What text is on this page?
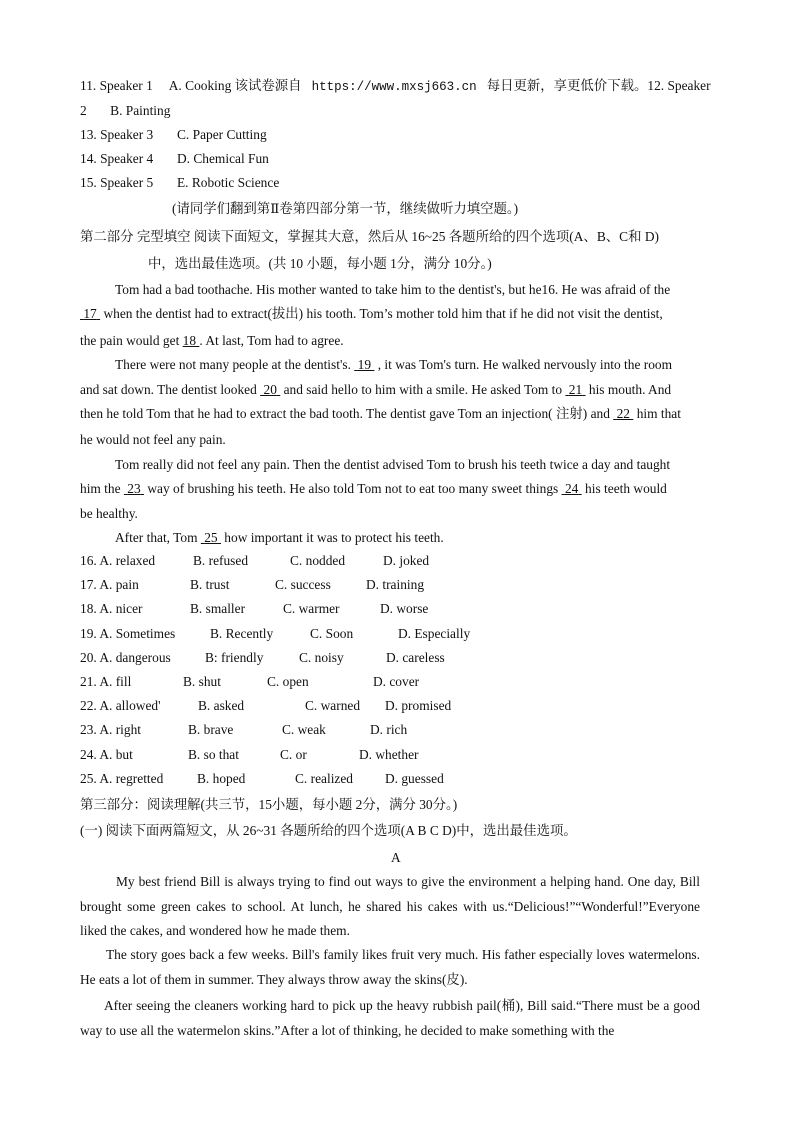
11. Speaker 1 A. Cooking 该试卷源自 https://www.mxsj663.cn 每日更新，享更低价下载。12. Speaker
2 B. Painting
13. Speaker 3 C. Paper Cutting
14. Speaker 4 D. Chemical Fun
15. Speaker 5 E. Robotic Science
(请同学们翻到第Ⅱ卷第四部分第一节，继续做听力填空题。)
第二部分 完型填空 阅读下面短文，掌握其大意，然后从 16~25 各题所给的四个选项(A、B、C和 D)
中，选出最佳选项。(共 10 小题，每小题 1分，满分 10分。)
Tom had a bad toothache. His mother wanted to take him to the dentist's, but he16. He was afraid of the
17  when the dentist had to extract(拔出) his tooth. Tom’s mother told him that if he did not visit the dentist,
the pain would get 18 . At last, Tom had to agree.
There were not many people at the dentist's.  19  , it was Tom's turn. He walked nervously into the room
and sat down. The dentist looked  20  and said hello to him with a smile. He asked Tom to  21  his mouth. And
then he told Tom that he had to extract the bad tooth. The dentist gave Tom an injection( 注射) and  22  him that
he would not feel any pain.
Tom really did not feel any pain. Then the dentist advised Tom to brush his teeth twice a day and taught
him the  23  way of brushing his teeth. He also told Tom not to eat too many sweet things  24  his teeth would
be healthy.
After that, Tom  25  how important it was to protect his teeth.
16. A. relaxed	B. refused	C. nodded	D. joked
17. A. pain	B. trust	C. success	D. training
18. A. nicer	B. smaller	C. warmer	D. worse
19. A. Sometimes	B. Recently	C. Soon	D. Especially
20. A. dangerous	B: friendly	C. noisy	D. careless
21. A. fill	B. shut	C. open	D. cover
22. A. allowed'	B. asked	C. warned D. promised
23. A. right	B. brave	C. weak	D. rich
24. A. but	B. so that	C. or	D. whether
25. A. regretted	B. hoped	C. realized D. guessed
第三部分：阅读理解(共三节，15小题，每小题 2分，满分 30分。)
(一) 阅读下面两篇短文，从 26~31 各题所给的四个选项(A B C D)中，选出最佳选项。
A
My best friend Bill is always trying to find out ways to give the environment a helping hand. One day, Bill brought some green cakes to school. At lunch, he shared his cakes with us.“Delicious!”“Wonderful!”Everyone liked the cakes, and wondered how he made them.
The story goes back a few weeks. Bill's family likes fruit very much. His father especially loves watermelons. He eats a lot of them in summer. They always throw away the skins(皮).
After seeing the cleaners working hard to pick up the heavy rubbish pail(桶), Bill said.“There must be a good way to use all the watermelon skins.”After a lot of thinking, he decided to make something with the
